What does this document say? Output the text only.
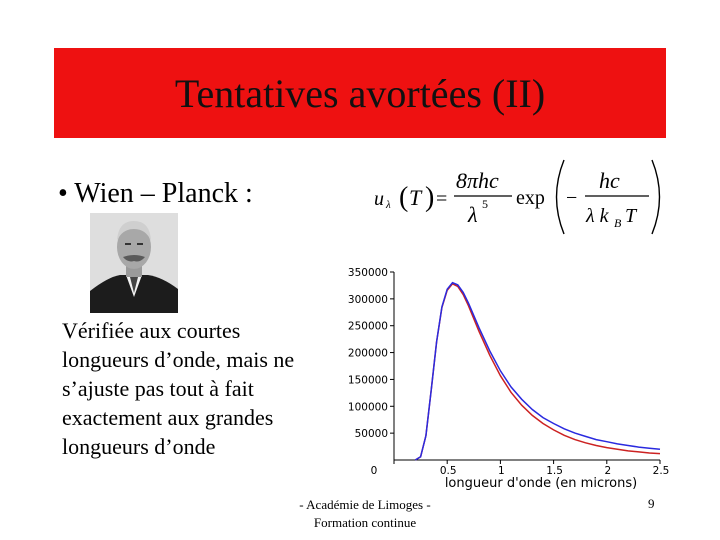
Tentatives avortées (II)
• Wien – Planck :	u λ ( T ) =
8πhc
λ 5 exp −
hc
λ k B T
Vérifiée aux courtes
longueurs d’onde, mais ne
s’ajuste pas tout à fait
exactement aux grandes
longueurs d’onde
0	0.5	1	1.5	2	2.5
50000
100000
150000
200000
250000
300000
350000
longueur d'onde (en microns)
- Académie de Limoges -
Formation continue
9
